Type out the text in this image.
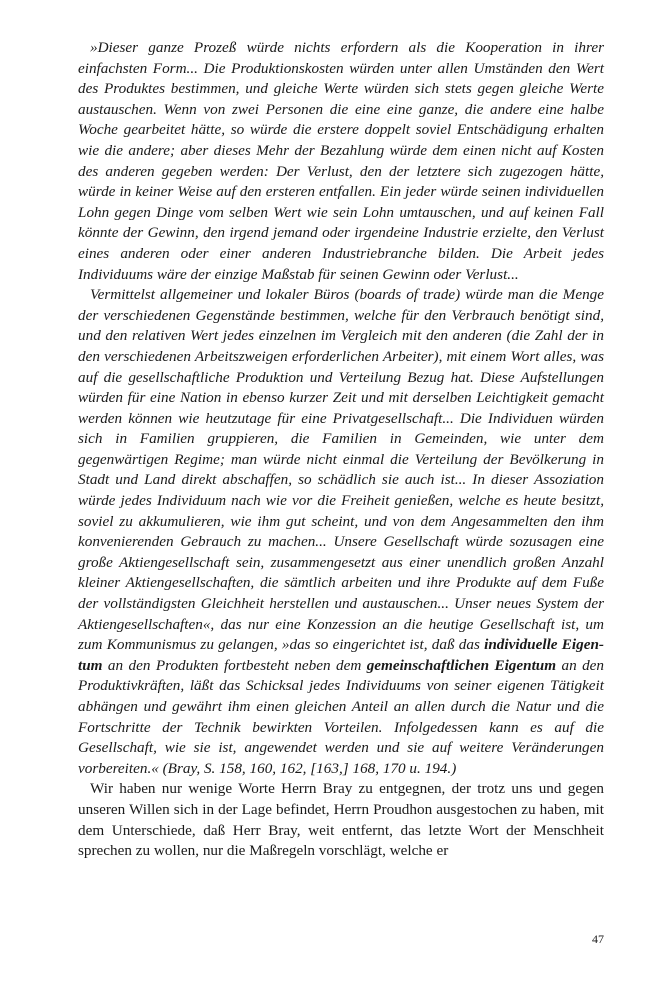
»Dieser ganze Prozeß würde nichts erfordern als die Kooperation in ihrer einfachsten Form... Die Produktionskosten würden unter allen Umständen den Wert des Produktes bestimmen, und gleiche Werte würden sich stets gegen gleiche Werte austauschen. Wenn von zwei Personen die eine eine ganze, die andere eine halbe Woche gearbeitet hätte, so würde die erstere doppelt soviel Entschädigung erhalten wie die andere; aber dieses Mehr der Bezahlung würde dem einen nicht auf Kosten des anderen gegeben werden: Der Verlust, den der letztere sich zugezogen hätte, würde in keiner Weise auf den ersteren entfallen. Ein jeder würde seinen individuellen Lohn gegen Dinge vom selben Wert wie sein Lohn umtauschen, und auf keinen Fall könnte der Gewinn, den irgend jemand oder irgendeine Industrie erzielte, den Verlust eines anderen oder einer anderen Industriebranche bilden. Die Arbeit jedes Individuums wäre der einzige Maßstab für seinen Gewinn oder Verlust...

Vermittelst allgemeiner und lokaler Büros (boards of trade) würde man die Menge der verschiedenen Gegenstände bestimmen, welche für den Verbrauch benötigt sind, und den relativen Wert jedes einzelnen im Vergleich mit den anderen (die Zahl der in den verschiedenen Arbeitszweigen erforderlichen Arbeiter), mit einem Wort alles, was auf die gesellschaftliche Produktion und Verteilung Bezug hat. Diese Aufstellungen würden für eine Nation in ebenso kurzer Zeit und mit derselben Leichtigkeit gemacht werden können wie heutzutage für eine Privatgesellschaft... Die Individuen würden sich in Familien gruppieren, die Familien in Gemeinden, wie unter dem gegenwärtigen Regime; man würde nicht einmal die Verteilung der Bevölkerung in Stadt und Land direkt abschaffen, so schädlich sie auch ist... In dieser Assoziation würde jedes Individuum nach wie vor die Freiheit genießen, welche es heute besitzt, soviel zu akkumulieren, wie ihm gut scheint, und von dem Angesammelten den ihm konvenierenden Gebrauch zu machen... Unsere Gesellschaft würde sozusagen eine große Aktiengesellschaft sein, zusammengesetzt aus einer unendlich großen Anzahl kleiner Aktiengesellschaften, die sämtlich arbeiten und ihre Produkte auf dem Fuße der vollständigsten Gleichheit herstellen und austauschen... Unser neues System der Aktiengesellschaften«, das nur eine Konzession an die heutige Gesellschaft ist, um zum Kommunismus zu gelangen, »das so eingerichtet ist, daß das individuelle Eigentum an den Produkten fortbesteht neben dem gemeinschaftlichen Eigentum an den Produktivkräften, läßt das Schicksal jedes Individuums von seiner eigenen Tätigkeit abhängen und gewährt ihm einen gleichen Anteil an allen durch die Natur und die Fortschritte der Technik bewirkten Vorteilen. Infolgedessen kann es auf die Gesellschaft, wie sie ist, angewendet werden und sie auf weitere Veränderungen vorbereiten.« (Bray, S. 158, 160, 162, [163,] 168, 170 u. 194.)

Wir haben nur wenige Worte Herrn Bray zu entgegnen, der trotz uns und gegen unseren Willen sich in der Lage befindet, Herrn Proudhon ausgestochen zu haben, mit dem Unterschiede, daß Herr Bray, weit entfernt, das letzte Wort der Menschheit sprechen zu wollen, nur die Maßregeln vorschlägt, welche er

47
